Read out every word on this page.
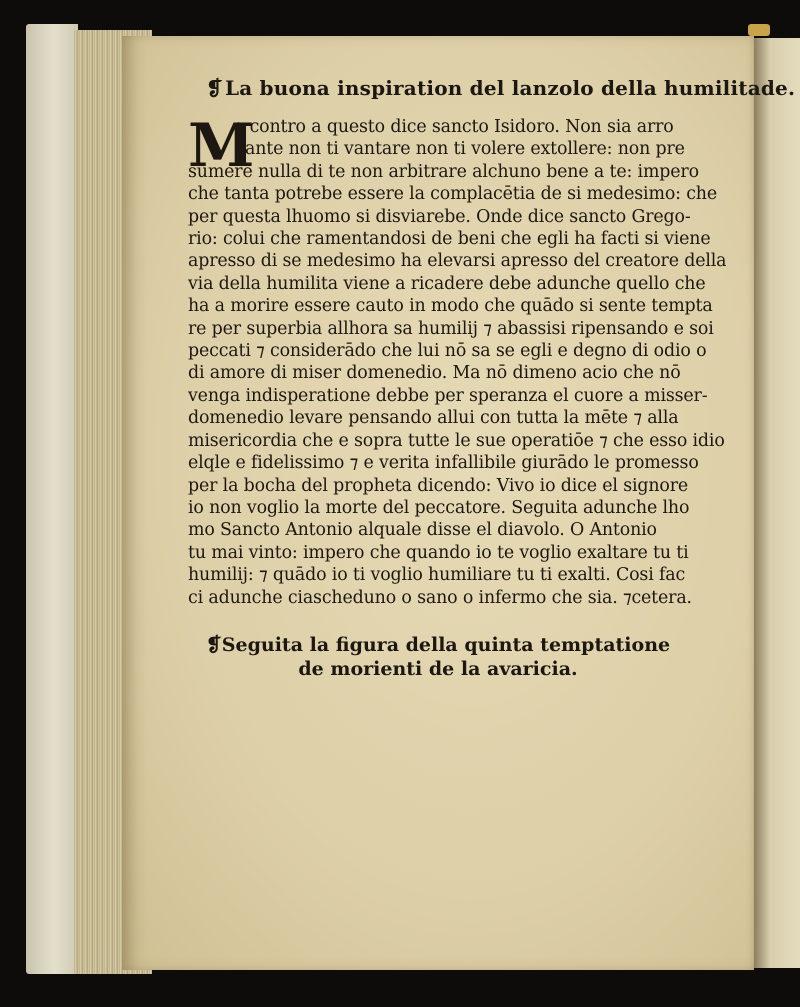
❡ La buona inspiration del lanzolo della humilitade.
M
a contro a questo dice sancto Isidoro. Non sia arro
gante non ti vantare non ti volere extollere: non pre
sumere nulla di te non arbitrare alchuno bene a te: impero
che tanta potrebe essere la complacētia de si medesimo: che
per questa lhuomo si disviarebe. Onde dice sancto Grego-
rio: colui che ramentandosi de beni che egli ha facti si viene
apresso di se medesimo ha elevarsi apresso del creatore della
via della humilita viene a ricadere debe adunche quello che
ha a morire essere cauto in modo che quādo si sente tempta
re per superbia allhora sa humilij ⁊ abassisi ripensando e soi
peccati ⁊ considerādo che lui nō sa se egli e degno di odio o
di amore di miser domenedio. Ma nō dimeno acio che nō
venga indisperatione debbe per speranza el cuore a misser-
domenedio levare pensando allui con tutta la mēte ⁊ alla
misericordia che e sopra tutte le sue operatiōe ⁊ che esso idio
elqle e fidelissimo ⁊ e verita infallibile giurādo le promesso
per la bocha del propheta dicendo: Vivo io dice el signore
io non voglio la morte del peccatore. Seguita adunche lho
mo Sancto Antonio alquale disse el diavolo. O Antonio
tu mai vinto: impero che quando io te voglio exaltare tu ti
humilij: ⁊ quādo io ti voglio humiliare tu ti exalti. Cosi fac
ci adunche ciascheduno o sano o infermo che sia. ⁊cetera.
❡Seguita la figura della quinta temptatione
de morienti de la avaricia.
